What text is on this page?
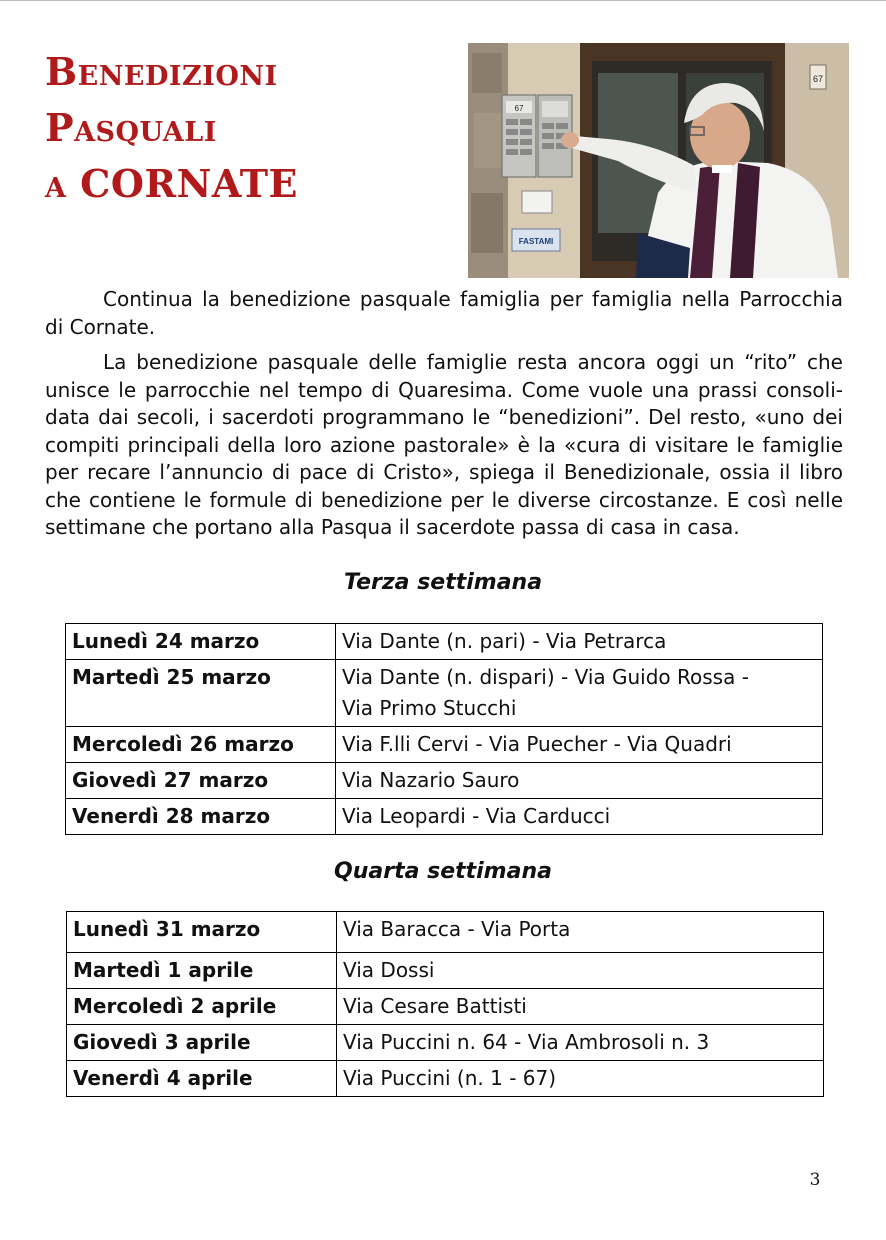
Benedizioni
Pasquali
a CORNATE
67
67
FASTAMI

Continua la benedizione pasquale famiglia per famiglia nella Parrocchia di Cornate.

La benedizione pasquale delle famiglie resta ancora oggi un “rito” che unisce le parrocchie nel tempo di Quaresima. Come vuole una prassi consoli-data dai secoli, i sacerdoti programmano le “benedizioni”. Del resto, «uno dei compiti principali della loro azione pastorale» è la «cura di visitare le famiglie per recare l’annuncio di pace di Cristo», spiega il Benedizionale, ossia il libro che contiene le formule di benedizione per le diverse circostanze. E così nelle settimane che portano alla Pasqua il sacerdote passa di casa in casa.

Terza settimana
Lunedì 24 marzo	Via Dante (n. pari) - Via Petrarca

Martedì 25 marzo	Via Dante (n. dispari) - Via Guido Rossa -
Via Primo Stucchi

Mercoledì 26 marzo	Via F.lli Cervi - Via Puecher - Via Quadri

Giovedì 27 marzo	Via Nazario Sauro

Venerdì 28 marzo	Via Leopardi - Via Carducci
Quarta settimana
Lunedì 31 marzo	Via Baracca - Via Porta

Martedì 1 aprile	Via Dossi

Mercoledì 2 aprile	Via Cesare Battisti

Giovedì 3 aprile	Via Puccini n. 64 - Via Ambrosoli n. 3

Venerdì 4 aprile	Via Puccini (n. 1 - 67)
3
